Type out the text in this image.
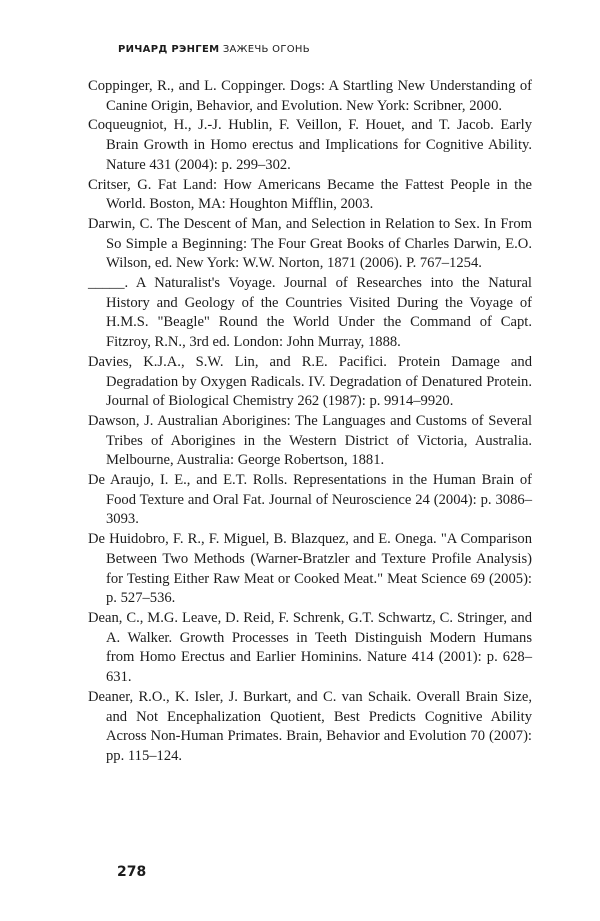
РИЧАРД РЭНГЕМ ЗАЖЕЧЬ ОГОНЬ
Coppinger, R., and L. Coppinger. Dogs: A Startling New Understanding of Canine Origin, Behavior, and Evolution. New York: Scribner, 2000.
Coqueugniot, H., J.-J. Hublin, F. Veillon, F. Houet, and T. Jacob. Early Brain Growth in Homo erectus and Implications for Cognitive Ability. Nature 431 (2004): p. 299–302.
Critser, G. Fat Land: How Americans Became the Fattest People in the World. Boston, MA: Houghton Mifflin, 2003.
Darwin, C. The Descent of Man, and Selection in Relation to Sex. In From So Simple a Beginning: The Four Great Books of Charles Darwin, E.O. Wilson, ed. New York: W.W. Norton, 1871 (2006). P. 767–1254.
_____. A Naturalist's Voyage. Journal of Researches into the Natural History and Geology of the Countries Visited During the Voyage of H.M.S. "Beagle" Round the World Under the Command of Capt. Fitzroy, R.N., 3rd ed. London: John Murray, 1888.
Davies, K.J.A., S.W. Lin, and R.E. Pacifici. Protein Damage and Degradation by Oxygen Radicals. IV. Degradation of Denatured Protein. Journal of Biological Chemistry 262 (1987): p. 9914–9920.
Dawson, J. Australian Aborigines: The Languages and Customs of Several Tribes of Aborigines in the Western District of Victoria, Australia. Melbourne, Australia: George Robertson, 1881.
De Araujo, I. E., and E.T. Rolls. Representations in the Human Brain of Food Texture and Oral Fat. Journal of Neuroscience 24 (2004): p. 3086–3093.
De Huidobro, F. R., F. Miguel, B. Blazquez, and E. Onega. "A Comparison Between Two Methods (Warner-Bratzler and Texture Profile Analysis) for Testing Either Raw Meat or Cooked Meat." Meat Science 69 (2005): p. 527–536.
Dean, C., M.G. Leave, D. Reid, F. Schrenk, G.T. Schwartz, C. Stringer, and A. Walker. Growth Processes in Teeth Distinguish Modern Humans from Homo Erectus and Earlier Hominins. Nature 414 (2001): p. 628–631.
Deaner, R.O., K. Isler, J. Burkart, and C. van Schaik. Overall Brain Size, and Not Encephalization Quotient, Best Predicts Cognitive Ability Across Non-Human Primates. Brain, Behavior and Evolution 70 (2007): pp. 115–124.
278
